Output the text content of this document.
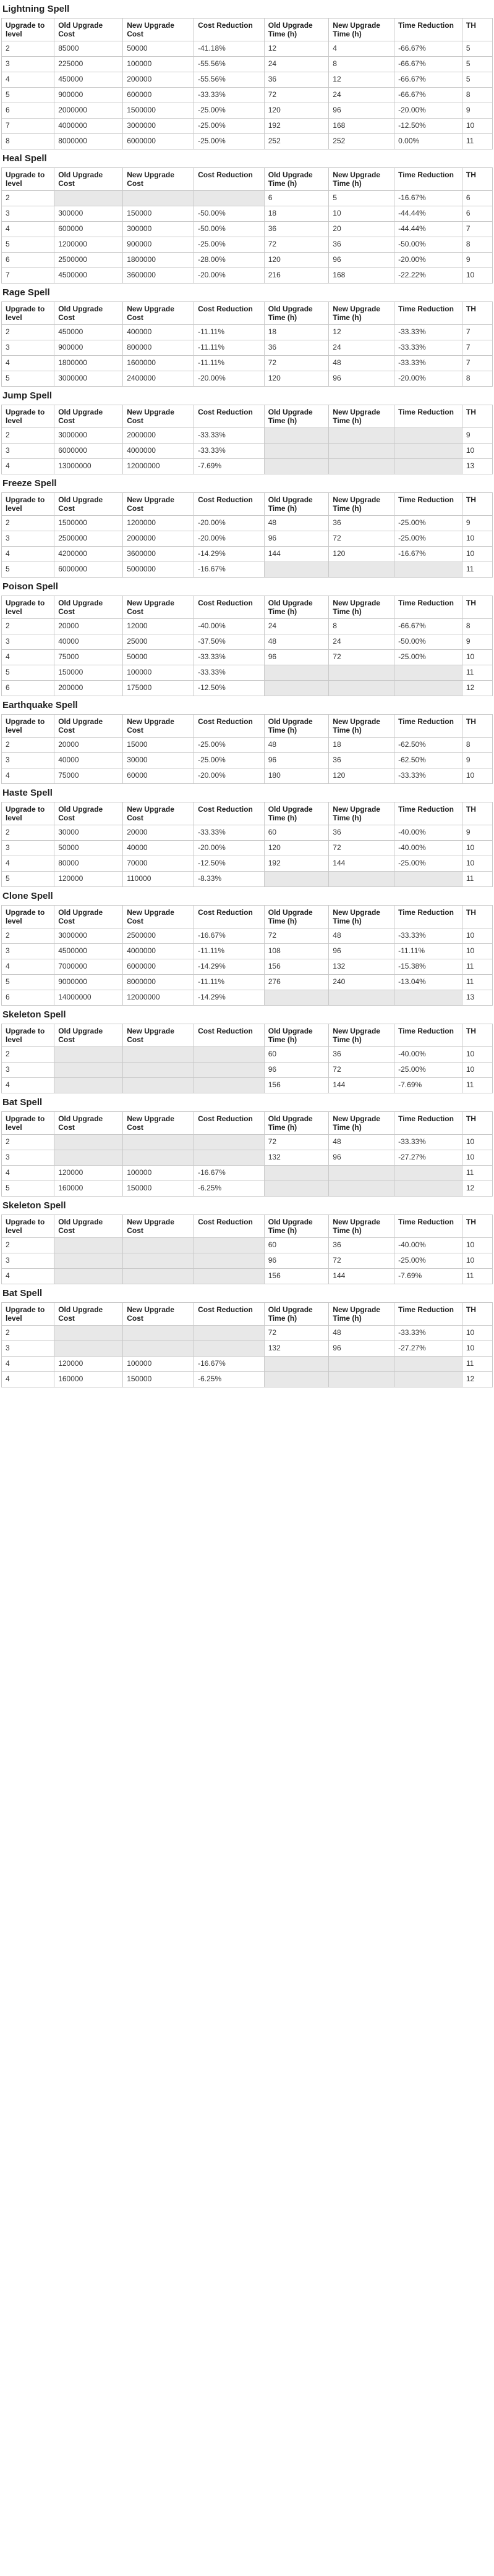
Lightning Spell
Upgrade to level	Old Upgrade Cost	New Upgrade Cost	Cost Reduction	Old Upgrade Time (h)	New Upgrade Time (h)	Time Reduction	TH
2	85000	50000	-41.18%	12	4	-66.67%	5
3	225000	100000	-55.56%	24	8	-66.67%	5
4	450000	200000	-55.56%	36	12	-66.67%	5
5	900000	600000	-33.33%	72	24	-66.67%	8
6	2000000	1500000	-25.00%	120	96	-20.00%	9
7	4000000	3000000	-25.00%	192	168	-12.50%	10
8	8000000	6000000	-25.00%	252	252	0.00%	11
Heal Spell
Upgrade to level	Old Upgrade Cost	New Upgrade Cost	Cost Reduction	Old Upgrade Time (h)	New Upgrade Time (h)	Time Reduction	TH
2				6	5	-16.67%	6
3	300000	150000	-50.00%	18	10	-44.44%	6
4	600000	300000	-50.00%	36	20	-44.44%	7
5	1200000	900000	-25.00%	72	36	-50.00%	8
6	2500000	1800000	-28.00%	120	96	-20.00%	9
7	4500000	3600000	-20.00%	216	168	-22.22%	10
Rage Spell
Upgrade to level	Old Upgrade Cost	New Upgrade Cost	Cost Reduction	Old Upgrade Time (h)	New Upgrade Time (h)	Time Reduction	TH
2	450000	400000	-11.11%	18	12	-33.33%	7
3	900000	800000	-11.11%	36	24	-33.33%	7
4	1800000	1600000	-11.11%	72	48	-33.33%	7
5	3000000	2400000	-20.00%	120	96	-20.00%	8
Jump Spell
Upgrade to level	Old Upgrade Cost	New Upgrade Cost	Cost Reduction	Old Upgrade Time (h)	New Upgrade Time (h)	Time Reduction	TH
2	3000000	2000000	-33.33%				9
3	6000000	4000000	-33.33%				10
4	13000000	12000000	-7.69%				13
Freeze Spell
Upgrade to level	Old Upgrade Cost	New Upgrade Cost	Cost Reduction	Old Upgrade Time (h)	New Upgrade Time (h)	Time Reduction	TH
2	1500000	1200000	-20.00%	48	36	-25.00%	9
3	2500000	2000000	-20.00%	96	72	-25.00%	10
4	4200000	3600000	-14.29%	144	120	-16.67%	10
5	6000000	5000000	-16.67%				11
Poison Spell
Upgrade to level	Old Upgrade Cost	New Upgrade Cost	Cost Reduction	Old Upgrade Time (h)	New Upgrade Time (h)	Time Reduction	TH
2	20000	12000	-40.00%	24	8	-66.67%	8
3	40000	25000	-37.50%	48	24	-50.00%	9
4	75000	50000	-33.33%	96	72	-25.00%	10
5	150000	100000	-33.33%				11
6	200000	175000	-12.50%				12
Earthquake Spell
Upgrade to level	Old Upgrade Cost	New Upgrade Cost	Cost Reduction	Old Upgrade Time (h)	New Upgrade Time (h)	Time Reduction	TH
2	20000	15000	-25.00%	48	18	-62.50%	8
3	40000	30000	-25.00%	96	36	-62.50%	9
4	75000	60000	-20.00%	180	120	-33.33%	10
Haste Spell
Upgrade to level	Old Upgrade Cost	New Upgrade Cost	Cost Reduction	Old Upgrade Time (h)	New Upgrade Time (h)	Time Reduction	TH
2	30000	20000	-33.33%	60	36	-40.00%	9
3	50000	40000	-20.00%	120	72	-40.00%	10
4	80000	70000	-12.50%	192	144	-25.00%	10
5	120000	110000	-8.33%				11
Clone Spell
Upgrade to level	Old Upgrade Cost	New Upgrade Cost	Cost Reduction	Old Upgrade Time (h)	New Upgrade Time (h)	Time Reduction	TH
2	3000000	2500000	-16.67%	72	48	-33.33%	10
3	4500000	4000000	-11.11%	108	96	-11.11%	10
4	7000000	6000000	-14.29%	156	132	-15.38%	11
5	9000000	8000000	-11.11%	276	240	-13.04%	11
6	14000000	12000000	-14.29%				13
Skeleton Spell
Upgrade to level	Old Upgrade Cost	New Upgrade Cost	Cost Reduction	Old Upgrade Time (h)	New Upgrade Time (h)	Time Reduction	TH
2				60	36	-40.00%	10
3				96	72	-25.00%	10
4				156	144	-7.69%	11
Bat Spell
Upgrade to level	Old Upgrade Cost	New Upgrade Cost	Cost Reduction	Old Upgrade Time (h)	New Upgrade Time (h)	Time Reduction	TH
2				72	48	-33.33%	10
3				132	96	-27.27%	10
4	120000	100000	-16.67%				11
5	160000	150000	-6.25%				12
Skeleton Spell
Upgrade to level	Old Upgrade Cost	New Upgrade Cost	Cost Reduction	Old Upgrade Time (h)	New Upgrade Time (h)	Time Reduction	TH
2				60	36	-40.00%	10
3				96	72	-25.00%	10
4				156	144	-7.69%	11
Bat Spell
Upgrade to level	Old Upgrade Cost	New Upgrade Cost	Cost Reduction	Old Upgrade Time (h)	New Upgrade Time (h)	Time Reduction	TH
2				72	48	-33.33%	10
3				132	96	-27.27%	10
4	120000	100000	-16.67%				11
4	160000	150000	-6.25%				12
